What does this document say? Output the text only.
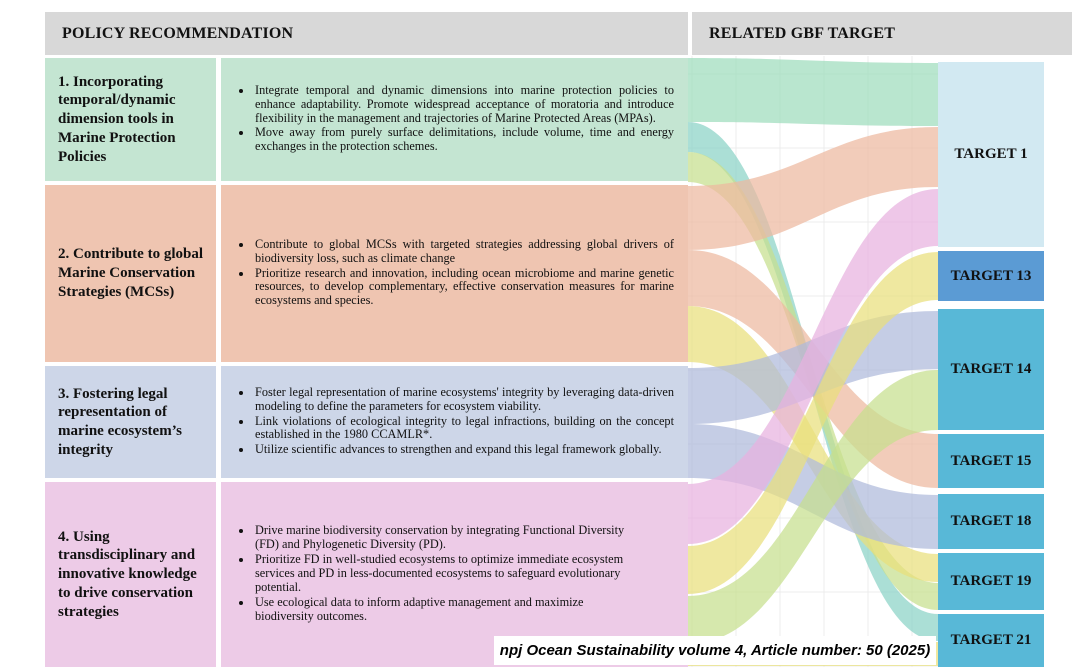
POLICY RECOMMENDATION	RELATED GBF TARGET
1. Incorporating temporal/dynamic dimension tools in Marine Protection Policies
• Integrate temporal and dynamic dimensions into marine protection policies to enhance adaptability. Promote widespread acceptance of moratoria and introduce flexibility in the management and trajectories of Marine Protected Areas (MPAs).
• Move away from purely surface delimitations, include volume, time and energy exchanges in the protection schemes.
2. Contribute to global Marine Conservation Strategies (MCSs)
• Contribute to global MCSs with targeted strategies addressing global drivers of biodiversity loss, such as climate change
• Prioritize research and innovation, including ocean microbiome and marine genetic resources, to develop complementary, effective conservation measures for marine ecosystems and species.
3. Fostering legal representation of marine ecosystem’s integrity
• Foster legal representation of marine ecosystems' integrity by leveraging data-driven modeling to define the parameters for ecosystem viability.
• Link violations of ecological integrity to legal infractions, building on the concept established in the 1980 CCAMLR*.
• Utilize scientific advances to strengthen and expand this legal framework globally.
4. Using transdisciplinary and innovative knowledge to drive conservation strategies
• Drive marine biodiversity conservation by integrating Functional Diversity (FD) and Phylogenetic Diversity (PD).
• Prioritize FD in well-studied ecosystems to optimize immediate ecosystem services and PD in less-documented ecosystems to safeguard evolutionary potential.
• Use ecological data to inform adaptive management and maximize biodiversity outcomes.
TARGET 1
TARGET 13
TARGET 14
TARGET 15
TARGET 18
TARGET 19
TARGET 21
npj Ocean Sustainability volume 4, Article number: 50 (2025)
